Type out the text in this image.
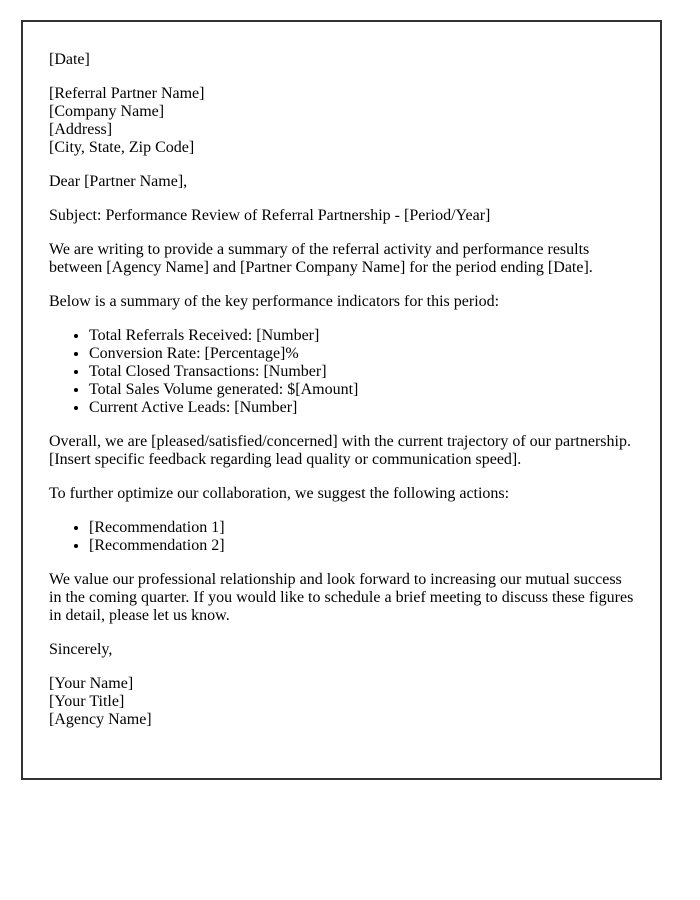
[Date]

[Referral Partner Name]
[Company Name]
[Address]
[City, State, Zip Code]

Dear [Partner Name],

Subject: Performance Review of Referral Partnership - [Period/Year]

We are writing to provide a summary of the referral activity and performance results between [Agency Name] and [Partner Company Name] for the period ending [Date].

Below is a summary of the key performance indicators for this period:

• Total Referrals Received: [Number]
• Conversion Rate: [Percentage]%
• Total Closed Transactions: [Number]
• Total Sales Volume generated: $[Amount]
• Current Active Leads: [Number]

Overall, we are [pleased/satisfied/concerned] with the current trajectory of our partnership. [Insert specific feedback regarding lead quality or communication speed].

To further optimize our collaboration, we suggest the following actions:

• [Recommendation 1]
• [Recommendation 2]

We value our professional relationship and look forward to increasing our mutual success in the coming quarter. If you would like to schedule a brief meeting to discuss these figures in detail, please let us know.

Sincerely,

[Your Name]
[Your Title]
[Agency Name]
